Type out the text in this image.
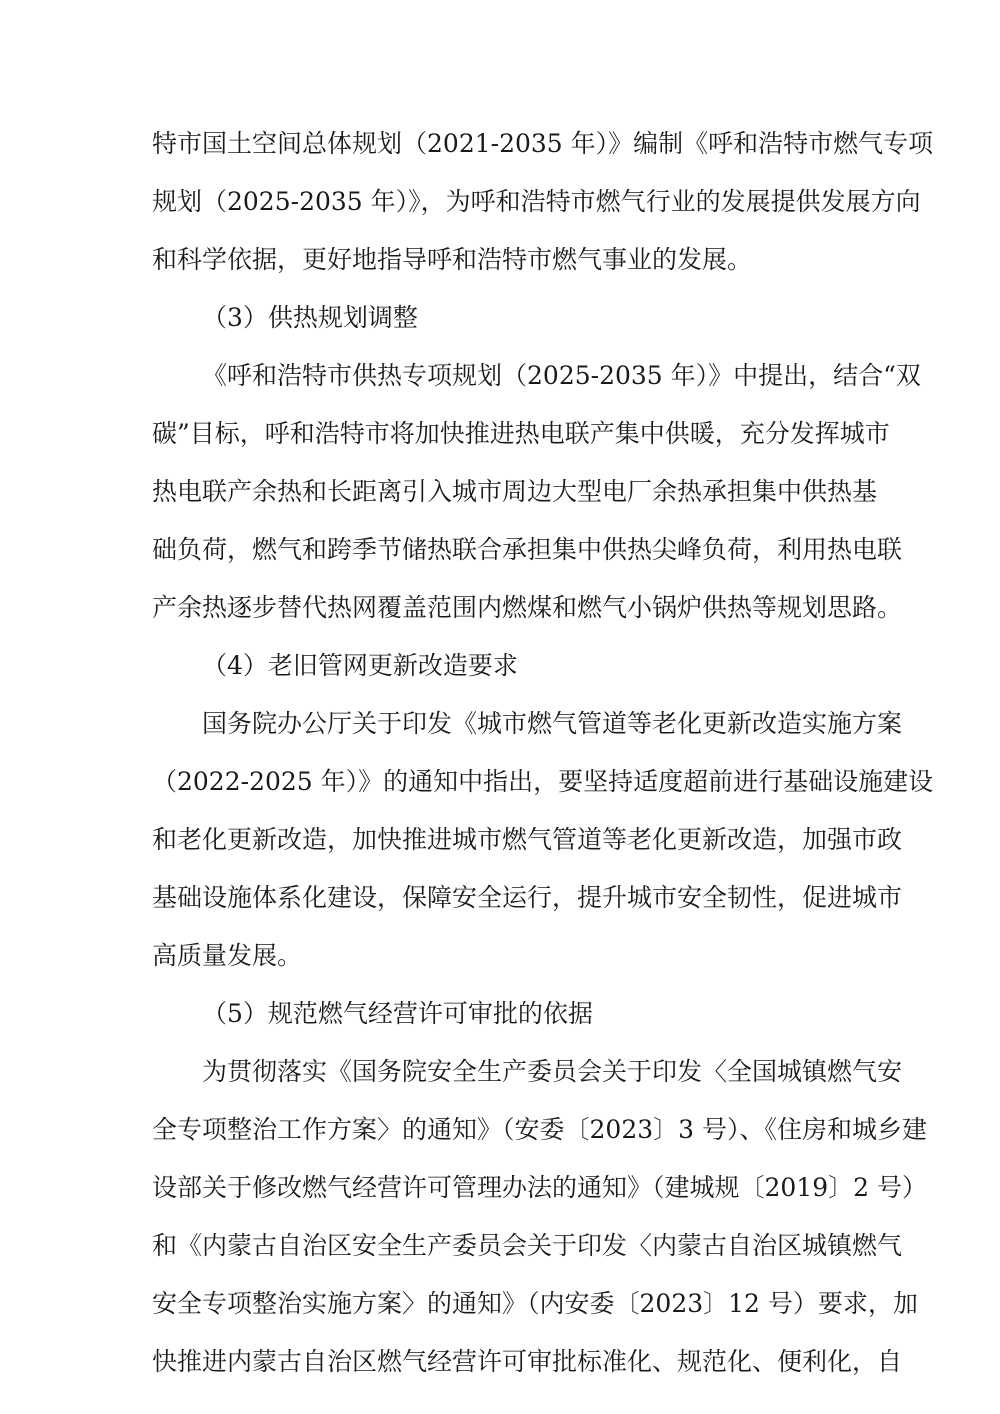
特市国土空间总体规划（2021-2035 年）》编制《呼和浩特市燃气专项
规划（2025-2035 年）》，为呼和浩特市燃气行业的发展提供发展方向
和科学依据，更好地指导呼和浩特市燃气事业的发展。
（3）供热规划调整
《呼和浩特市供热专项规划（2025-2035 年）》中提出，结合“双
碳”目标，呼和浩特市将加快推进热电联产集中供暖，充分发挥城市
热电联产余热和长距离引入城市周边大型电厂余热承担集中供热基
础负荷，燃气和跨季节储热联合承担集中供热尖峰负荷，利用热电联
产余热逐步替代热网覆盖范围内燃煤和燃气小锅炉供热等规划思路。
（4）老旧管网更新改造要求
国务院办公厅关于印发《城市燃气管道等老化更新改造实施方案
（2022-2025 年）》的通知中指出，要坚持适度超前进行基础设施建设
和老化更新改造，加快推进城市燃气管道等老化更新改造，加强市政
基础设施体系化建设，保障安全运行，提升城市安全韧性，促进城市
高质量发展。
（5）规范燃气经营许可审批的依据
为贯彻落实《国务院安全生产委员会关于印发〈全国城镇燃气安
全专项整治工作方案〉的通知》（安委〔2023〕3 号）、《住房和城乡建
设部关于修改燃气经营许可管理办法的通知》（建城规〔2019〕2 号）
和《内蒙古自治区安全生产委员会关于印发〈内蒙古自治区城镇燃气
安全专项整治实施方案〉的通知》（内安委〔2023〕12 号）要求，加
快推进内蒙古自治区燃气经营许可审批标准化、规范化、便利化，自
